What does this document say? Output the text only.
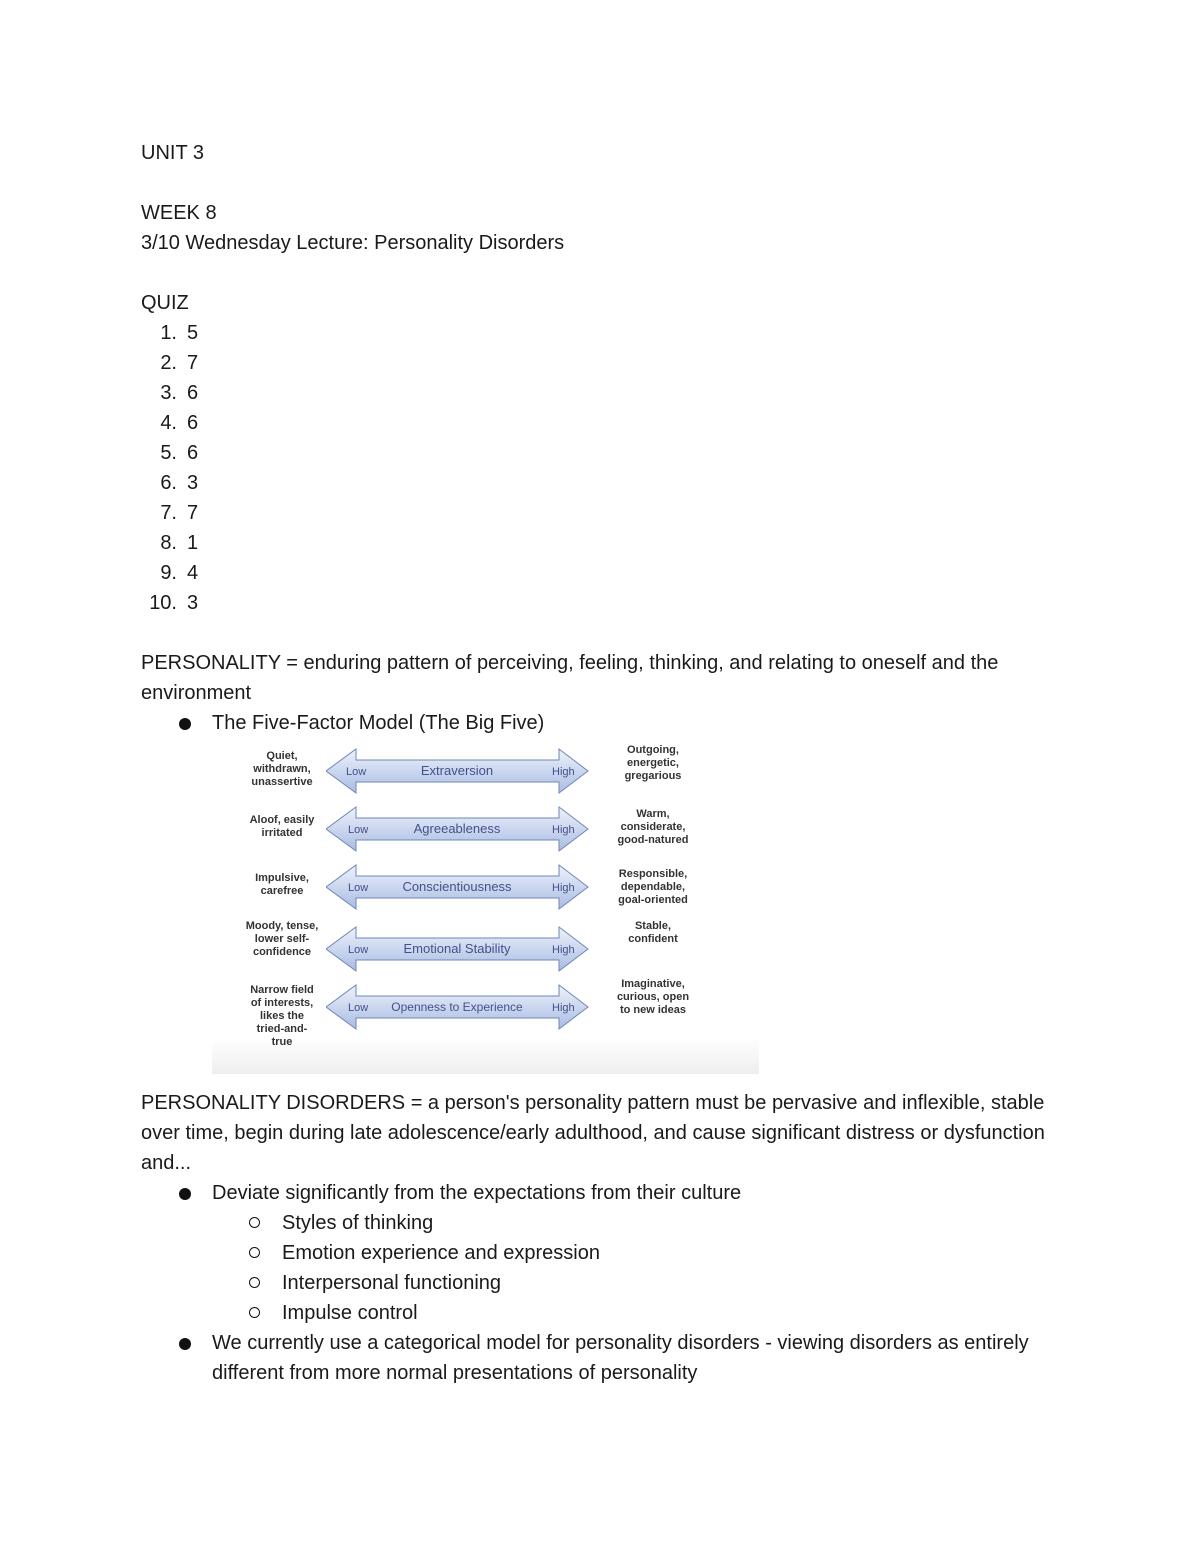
UNIT 3

WEEK 8

3/10 Wednesday Lecture: Personality Disorders

QUIZ

1. 5
2. 7
3. 6
4. 6
5. 6
6. 3
7. 7
8. 1
9. 4
10. 3

PERSONALITY = enduring pattern of perceiving, feeling, thinking, and relating to oneself and the environment

The Five-Factor Model (The Big Five)
Quiet,
withdrawn,
unassertive
Low	Extraversion	High
Outgoing,
energetic,
gregarious
Aloof, easily
irritated	Low	Agreeableness	High
Warm,
considerate,
good-natured
Impulsive,
carefree	Low	Conscientiousness	High
Responsible,
dependable,
goal-oriented
Moody, tense,
lower self-
confidence	Low	Emotional Stability	High
Stable,
confident
Narrow field
of interests,
likes the
tried-and-
true
Low Openness to Experience	High
Imaginative,
curious, open
to new ideas

PERSONALITY DISORDERS = a person's personality pattern must be pervasive and inflexible, stable over time, begin during late adolescence/early adulthood, and cause significant distress or dysfunction and...

Deviate significantly from the expectations from their culture
Styles of thinking
Emotion experience and expression
Interpersonal functioning
Impulse control
We currently use a categorical model for personality disorders - viewing disorders as entirely different from more normal presentations of personality
